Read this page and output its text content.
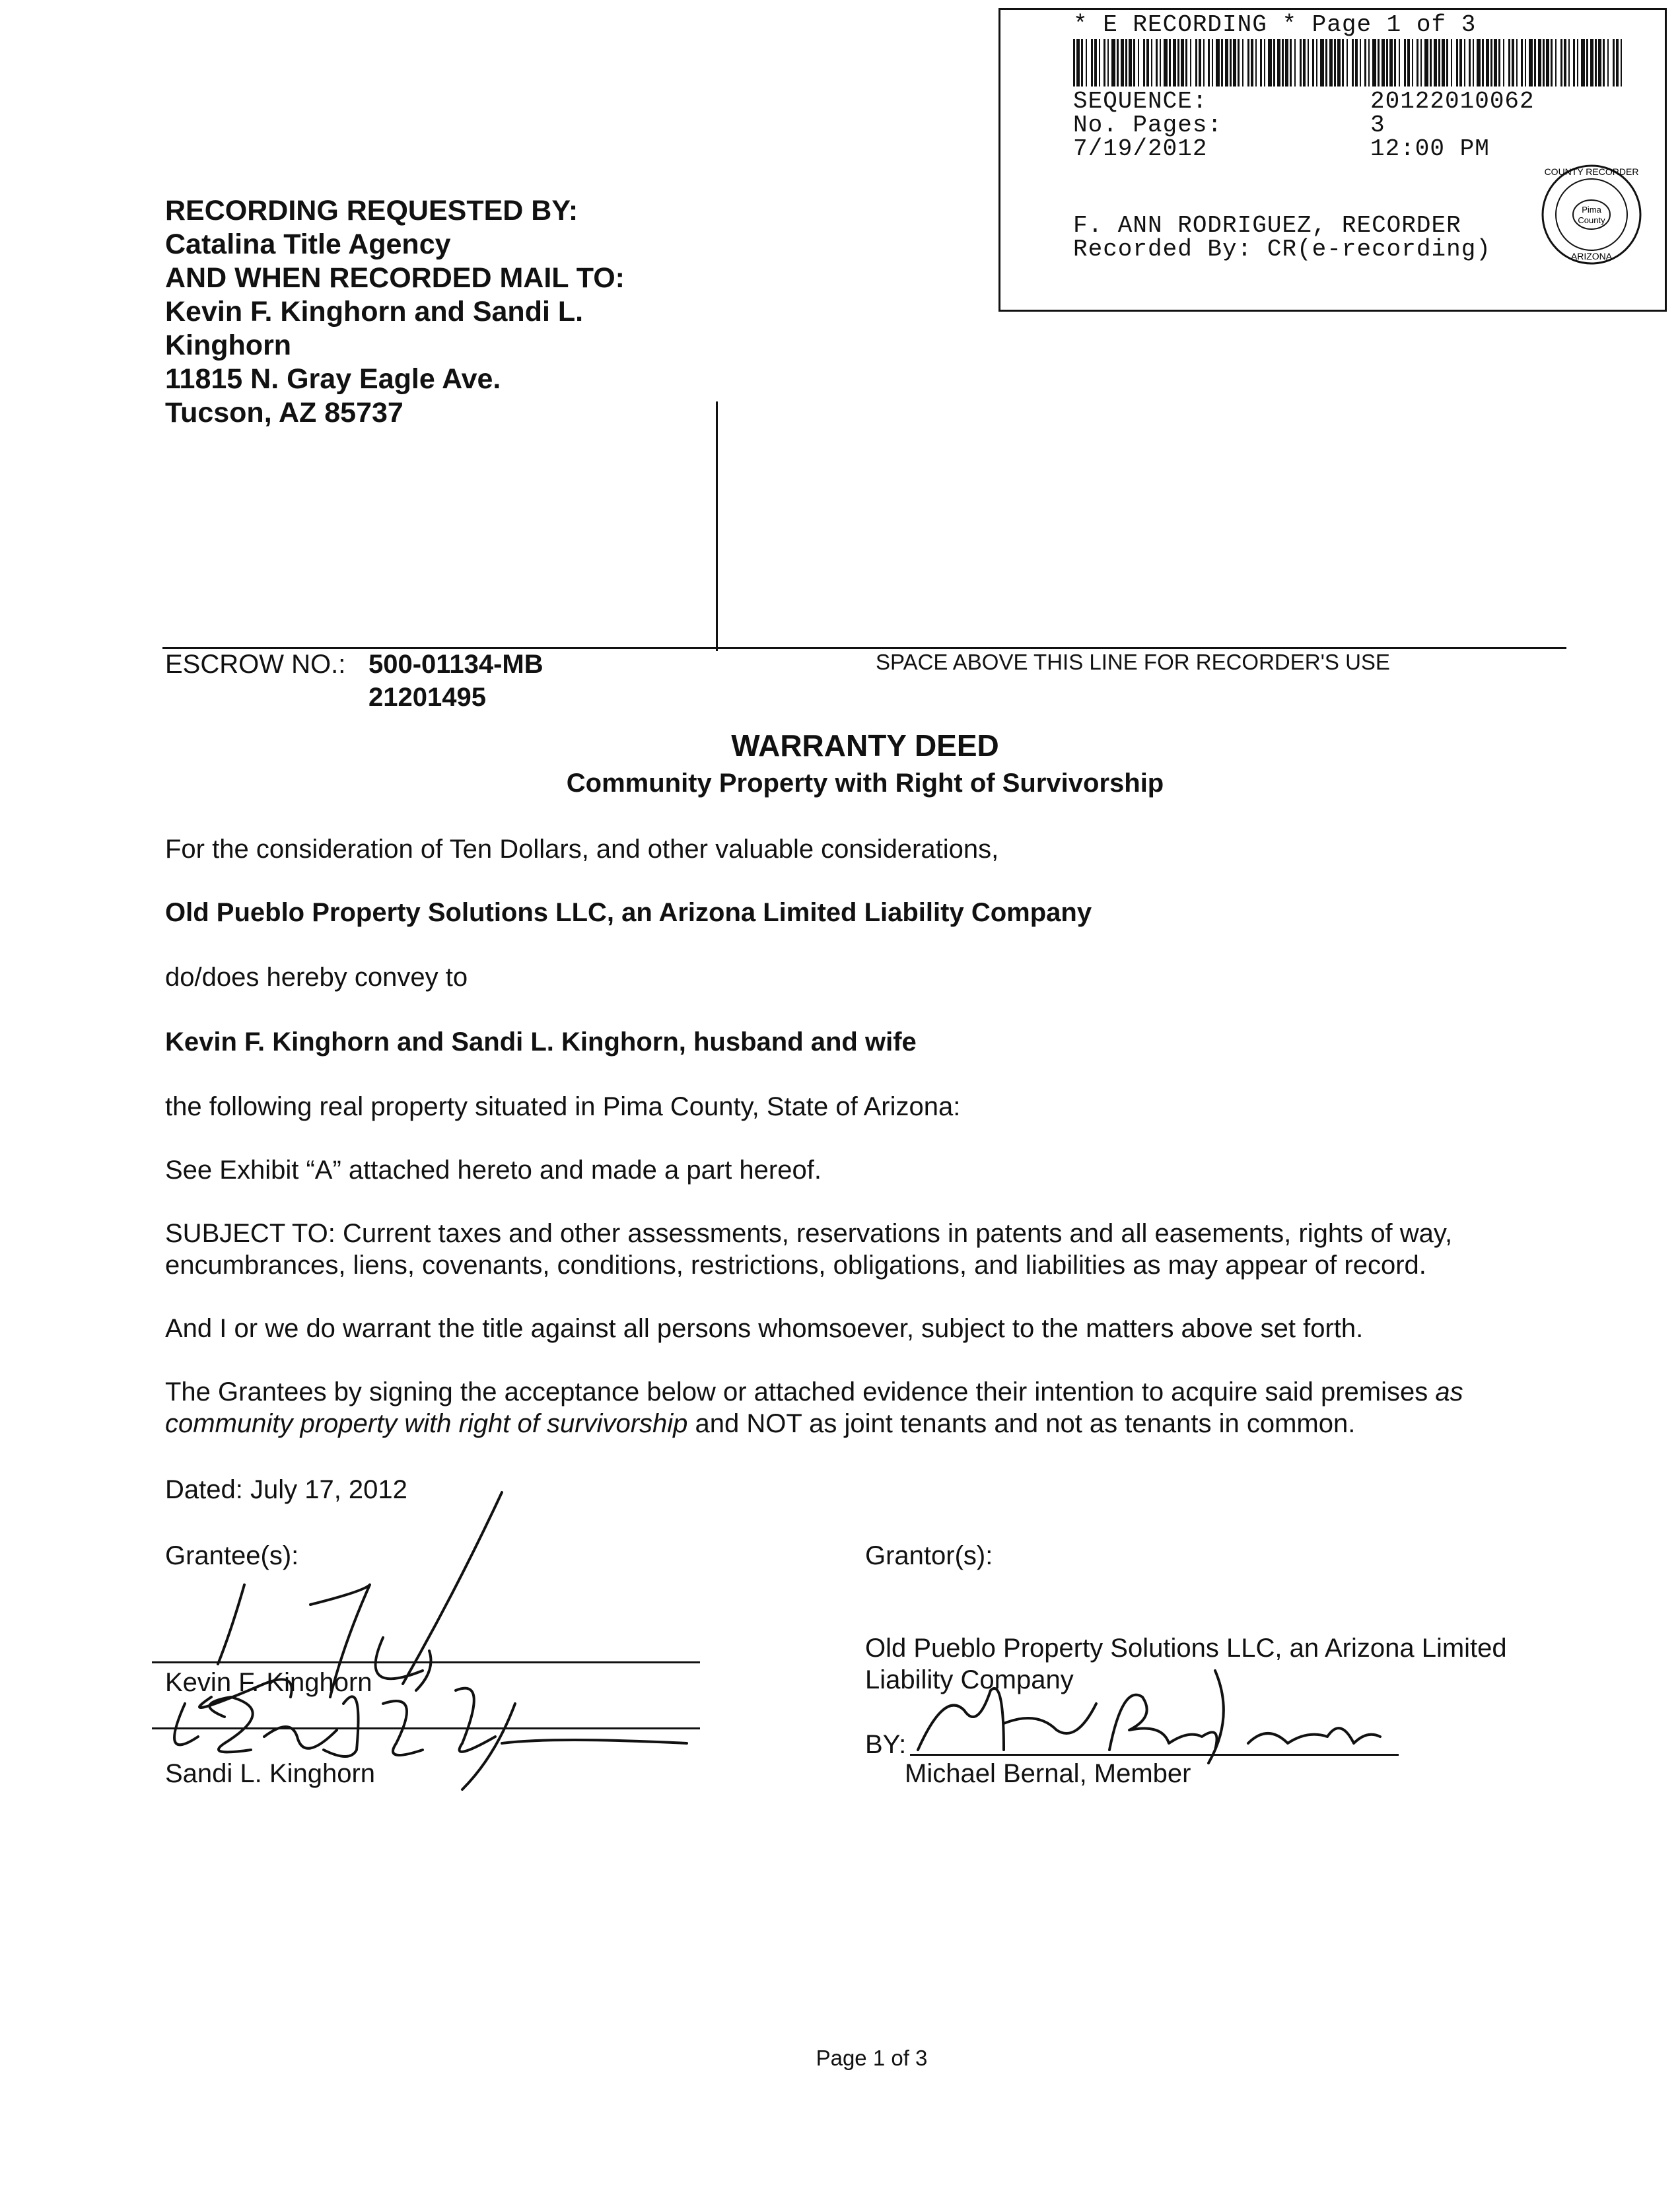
* E RECORDING * Page 1 of 3
SEQUENCE:	20122010062
No. Pages:	3
7/19/2012	12:00 PM
F. ANN RODRIGUEZ, RECORDER
Recorded By: CR(e-recording)
Pima
County
COUNTY RECORDER
ARIZONA
RECORDING REQUESTED BY:
Catalina Title Agency
AND WHEN RECORDED MAIL TO:
Kevin F. Kinghorn and Sandi L.
Kinghorn
11815 N. Gray Eagle Ave.
Tucson, AZ 85737
ESCROW NO.: 500-01134-MB
21201495
SPACE ABOVE THIS LINE FOR RECORDER'S USE
WARRANTY DEED
Community Property with Right of Survivorship
For the consideration of Ten Dollars, and other valuable considerations,
Old Pueblo Property Solutions LLC, an Arizona Limited Liability Company
do/does hereby convey to
Kevin F. Kinghorn and Sandi L. Kinghorn, husband and wife
the following real property situated in Pima County, State of Arizona:
See Exhibit “A” attached hereto and made a part hereof.
SUBJECT TO: Current taxes and other assessments, reservations in patents and all easements, rights of way,
encumbrances, liens, covenants, conditions, restrictions, obligations, and liabilities as may appear of record.
And I or we do warrant the title against all persons whomsoever, subject to the matters above set forth.
The Grantees by signing the acceptance below or attached evidence their intention to acquire said premises as
community property with right of survivorship and NOT as joint tenants and not as tenants in common.
Dated: July 17, 2012
Grantee(s):
Kevin F. Kinghorn
Sandi L. Kinghorn
Grantor(s):
Old Pueblo Property Solutions LLC, an Arizona Limited
Liability Company
BY:
Michael Bernal, Member
Page 1 of 3
